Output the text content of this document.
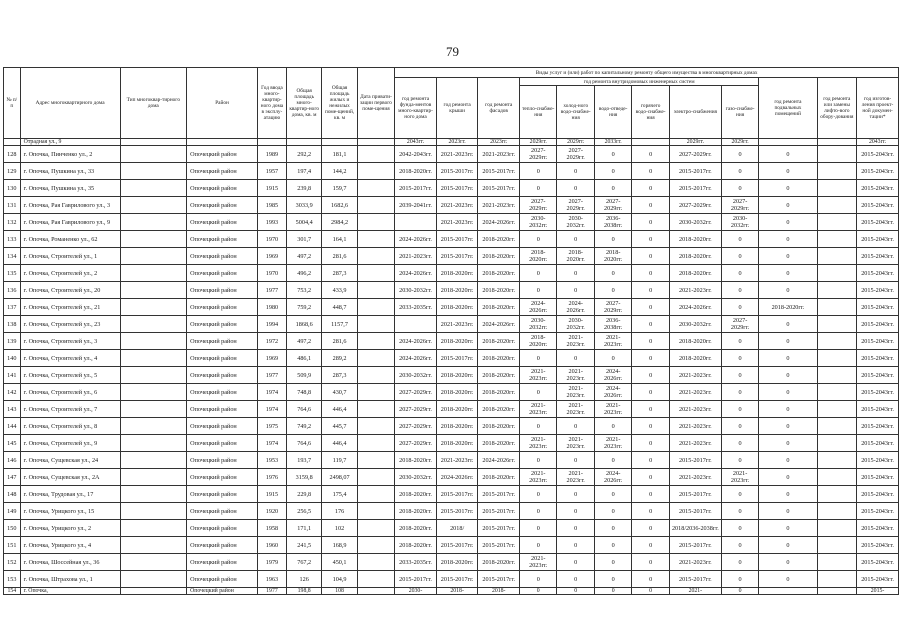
79
№ п/п	Адрес многоквартирного дома	Тип многоквар-тирного дома	Район	Год ввода много-квартир-ного дома в эксплу-атацию	Общая площадь много-квартир-ного дома, кв. м	Общая площадь жилых и нежилых поме-щений, кв. м	Дата привати-зации первого поме-щения	Виды услуг и (или) работ по капитальному ремонту общего имущества в многоквартирных домах											
								год ремонта фунда-ментов много-квартир-ного дома	год ремонта крыши	год ремонта фасадов	год ремонта внутридомовых инженерных систем						год ремонта подвальных помещений	год ремонта или замены лифто-вого обору-дования	год изготов-ления проект-ной докумен-тации*
											тепло-снабже-ния	холод-ного водо-снабже-ния	водо-отведе-ния	горячего водо-снабже-ния	электро-снабжения	газо-снабже-ния			
	Отрадная ул., 9							2043гг.	2023гг.	2023гг.	2029гг.	2029гг.	2033гг.		2029гг.	2029гг.			2043гг.
128	г. Опочка, Пинченко ул., 2		Опочецкий район	1989	292,2	181,1		2042-2043гг.	2021-2023гг.	2021-2023гг.	2027-2029гг.	2027-2029гг.	0	0	2027-2029гг.	0	0		2015-2043гг.
129	г. Опочка, Пушкина ул., 33		Опочецкий район	1957	197,4	144,2		2018-2020гг.	2015-2017гг.	2015-2017гг.	0	0	0	0	2015-2017гг.	0	0		2015-2043гг.
130	г. Опочка, Пушкина ул., 35		Опочецкий район	1915	239,8	159,7		2015-2017гг.	2015-2017гг.	2015-2017гг.	0	0	0	0	2015-2017гг.	0	0		2015-2043гг.
131	г. Опочка, Рая Гаврилового ул., 3		Опочецкий район	1985	3033,9	1682,6		2039-2041гг.	2021-2023гг.	2021-2023гг.	2027-2029гг.	2027-2029гг.	2027-2029гг.	0	2027-2029гг.	2027-2029гг.	0		2015-2043гг.
132	г. Опочка, Рая Гаврилового ул., 9		Опочецкий район	1993	5004,4	2984,2			2021-2023гг.	2024-2026гг.	2030-2032гг.	2030-2032гг.	2036-2038гг.	0	2030-2032гг.	2030-2032гг.	0		2015-2043гг.
133	г. Опочка, Романенко ул., 62		Опочецкий район	1970	301,7	164,1		2024-2026гг.	2015-2017гг.	2018-2020гг.	0	0	0	0	2018-2020гг.	0	0		2015-2043гг.
134	г. Опочка, Строителей ул., 1		Опочецкий район	1969	497,2	281,6		2021-2023гг.	2015-2017гг.	2018-2020гг.	2018-2020гг.	2018-2020гг.	2018-2020гг.	0	2018-2020гг.	0	0		2015-2043гг.
135	г. Опочка, Строителей ул., 2		Опочецкий район	1970	496,2	287,3		2024-2026гг.	2018-2020гг.	2018-2020гг.	0	0	0	0	2018-2020гг.	0	0		2015-2043гг.
136	г. Опочка, Строителей ул., 20		Опочецкий район	1977	753,2	433,9		2030-2032гг.	2018-2020гг.	2018-2020гг.	0	0	0	0	2021-2023гг.	0	0		2015-2043гг.
137	г. Опочка, Строителей ул., 21		Опочецкий район	1980	759,2	448,7		2033-2035гг.	2018-2020гг.	2018-2020гг.	2024-2026гг.	2024-2026гг.	2027-2029гг.	0	2024-2026гг.	0	2018-2020гг.		2015-2043гг.
138	г. Опочка, Строителей ул., 23		Опочецкий район	1994	1868,6	1157,7			2021-2023гг.	2024-2026гг.	2030-2032гг.	2030-2032гг.	2036-2038гг.	0	2030-2032гг.	2027-2029гг.	0		2015-2043гг.
139	г. Опочка, Строителей ул., 3		Опочецкий район	1972	497,2	281,6		2024-2026гг.	2018-2020гг.	2018-2020гг.	2018-2020гг.	2021-2023гг.	2021-2023гг.	0	2018-2020гг.	0	0		2015-2043гг.
140	г. Опочка, Строителей ул., 4		Опочецкий район	1969	486,1	289,2		2024-2026гг.	2015-2017гг.	2018-2020гг.	0	0	0	0	2018-2020гг.	0	0		2015-2043гг.
141	г. Опочка, Строителей ул., 5		Опочецкий район	1977	509,9	287,3		2030-2032гг.	2018-2020гг.	2018-2020гг.	2021-2023гг.	2021-2023гг.	2024-2026гг.	0	2021-2023гг.	0	0		2015-2043гг.
142	г. Опочка, Строителей ул., 6		Опочецкий район	1974	748,8	430,7		2027-2029гг.	2018-2020гг.	2018-2020гг.	0	2021-2023гг.	2024-2026гг.	0	2021-2023гг.	0	0		2015-2043гг.
143	г. Опочка, Строителей ул., 7		Опочецкий район	1974	764,6	446,4		2027-2029гг.	2018-2020гг.	2018-2020гг.	2021-2023гг.	2021-2023гг.	2021-2023гг.	0	2021-2023гг.	0	0		2015-2043гг.
144	г. Опочка, Строителей ул., 8		Опочецкий район	1975	749,2	445,7		2027-2029гг.	2018-2020гг.	2018-2020гг.	0	0	0	0	2021-2023гг.	0	0		2015-2043гг.
145	г. Опочка, Строителей ул., 9		Опочецкий район	1974	764,6	446,4		2027-2029гг.	2018-2020гг.	2018-2020гг.	2021-2023гг.	2021-2023гг.	2021-2023гг.	0	2021-2023гг.	0	0		2015-2043гг.
146	г. Опочка, Сущевская ул., 24		Опочецкий район	1953	193,7	119,7		2018-2020гг.	2021-2023гг.	2024-2026гг.	0	0	0	0	2015-2017гг.	0	0		2015-2043гг.
147	г. Опочка, Сущевская ул., 2А		Опочецкий район	1976	3159,8	2498,07		2030-2032гг.	2024-2026гг.	2018-2020гг.	2021-2023гг.	2021-2023гг.	2024-2026гг.	0	2021-2023гг.	2021-2023гг.	0		2015-2043гг.
148	г. Опочка, Трудовая ул., 17		Опочецкий район	1915	229,8	175,4		2018-2020гг.	2015-2017гг.	2015-2017гг.	0	0	0	0	2015-2017гг.	0	0		2015-2043гг.
149	г. Опочка, Урицкого ул., 15		Опочецкий район	1920	256,5	176		2018-2020гг.	2015-2017гг.	2015-2017гг.	0	0	0	0	2015-2017гг.	0	0		2015-2043гг.
150	г. Опочка, Урицкого ул., 2		Опочецкий район	1958	171,1	102		2018-2020гг.	2018/	2015-2017гг.	0	0	0	0	2018/2036-2038гг.	0	0		2015-2043гг.
151	г. Опочка, Урицкого ул., 4		Опочецкий район	1960	241,5	168,9		2018-2020гг.	2015-2017гг.	2015-2017гг.	0	0	0	0	2015-2017гг.	0	0		2015-2043гг.
152	г. Опочка, Шоссейная ул., 36		Опочецкий район	1979	767,2	450,1		2033-2035гг.	2018-2020гг.	2018-2020гг.	2021-2023гг.	0	0	0	2021-2023гг.	0	0		2015-2043гг.
153	г. Опочка, Штрахова ул., 1		Опочецкий район	1963	126	104,9		2015-2017гг.	2015-2017гг.	2015-2017гг.	0	0	0	0	2015-2017гг.	0	0		2015-2043гг.
154	г. Опочка,		Опочецкий район	1977	198,8	108		2030-	2018-	2018-	0	0	0	0	2021-	0			2015-
